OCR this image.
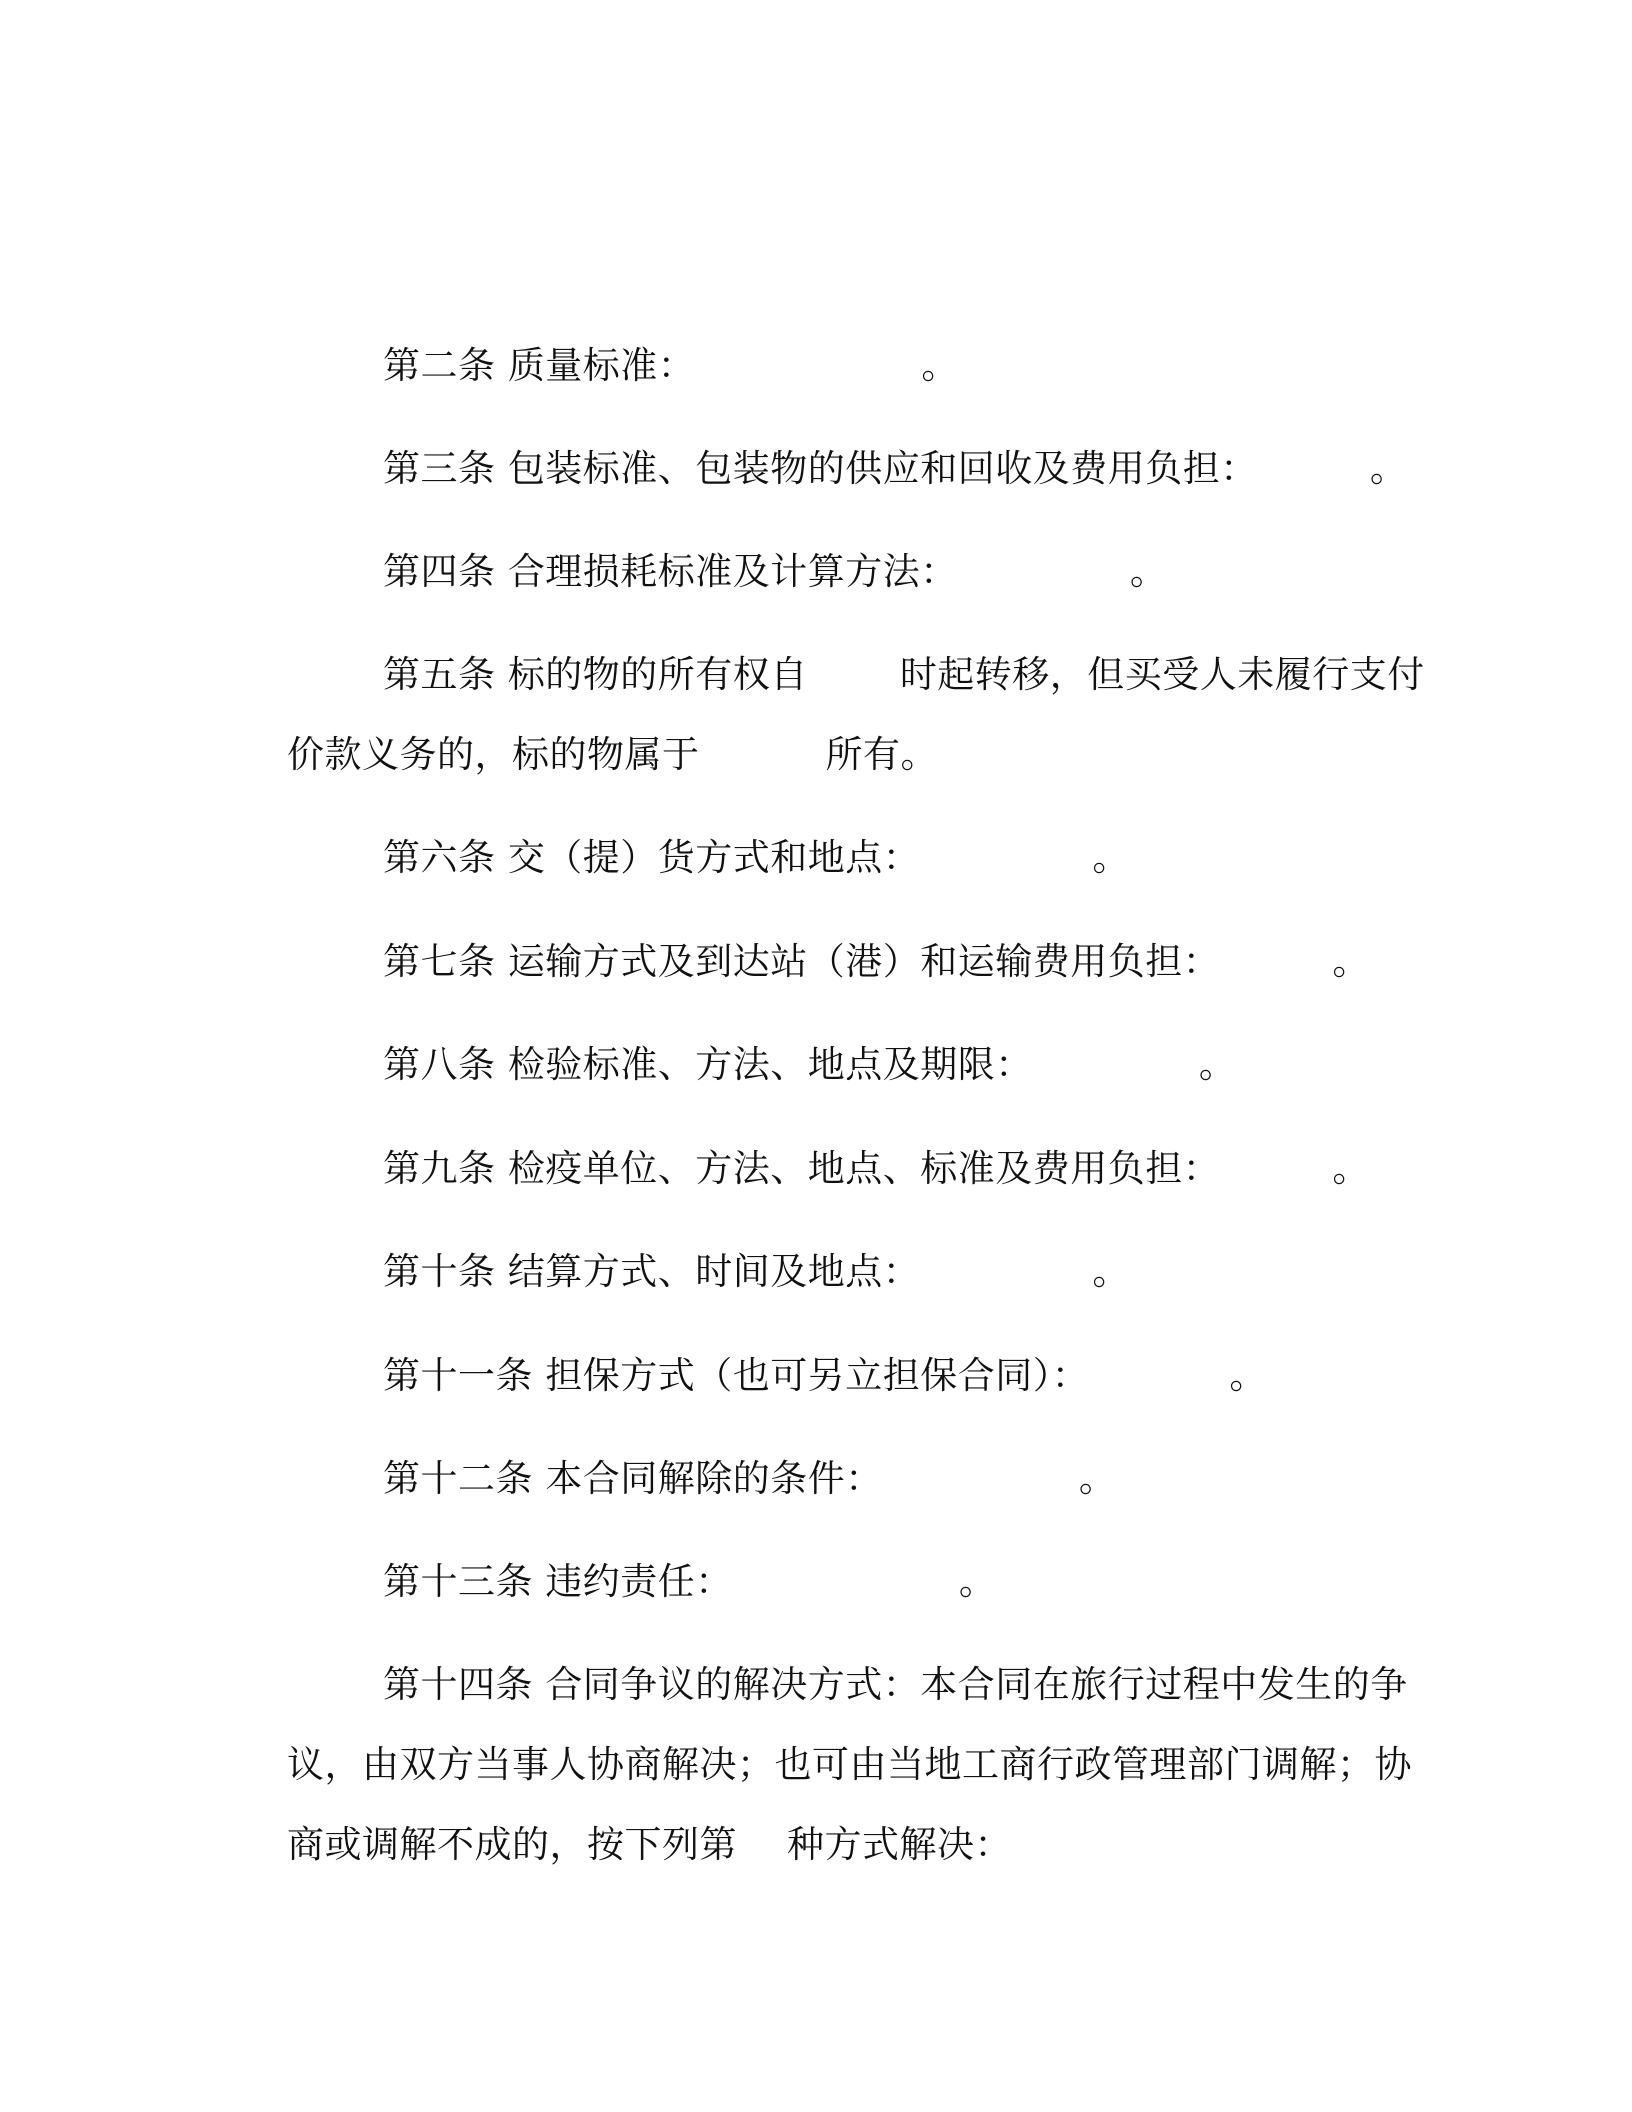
第二条 质量标准：	。

第三条 包装标准、包装物的供应和回收及费用负担：	。

第四条 合理损耗标准及计算方法：	。

第五条 标的物的所有权自 时起转移，但买受人未履行支付

价款义务的，标的物属于	所有。

第六条 交（提）货方式和地点：	。

第七条 运输方式及到达站（港）和运输费用负担：	。

第八条 检验标准、方法、地点及期限：	。

第九条 检疫单位、方法、地点、标准及费用负担：	。

第十条 结算方式、时间及地点：	。

第十一条 担保方式（也可另立担保合同）：	。

第十二条 本合同解除的条件：	。

第十三条 违约责任：	。

第十四条 合同争议的解决方式：本合同在旅行过程中发生的争

议，由双方当事人协商解决；也可由当地工商行政管理部门调解；协

商或调解不成的，按下列第 种方式解决：
